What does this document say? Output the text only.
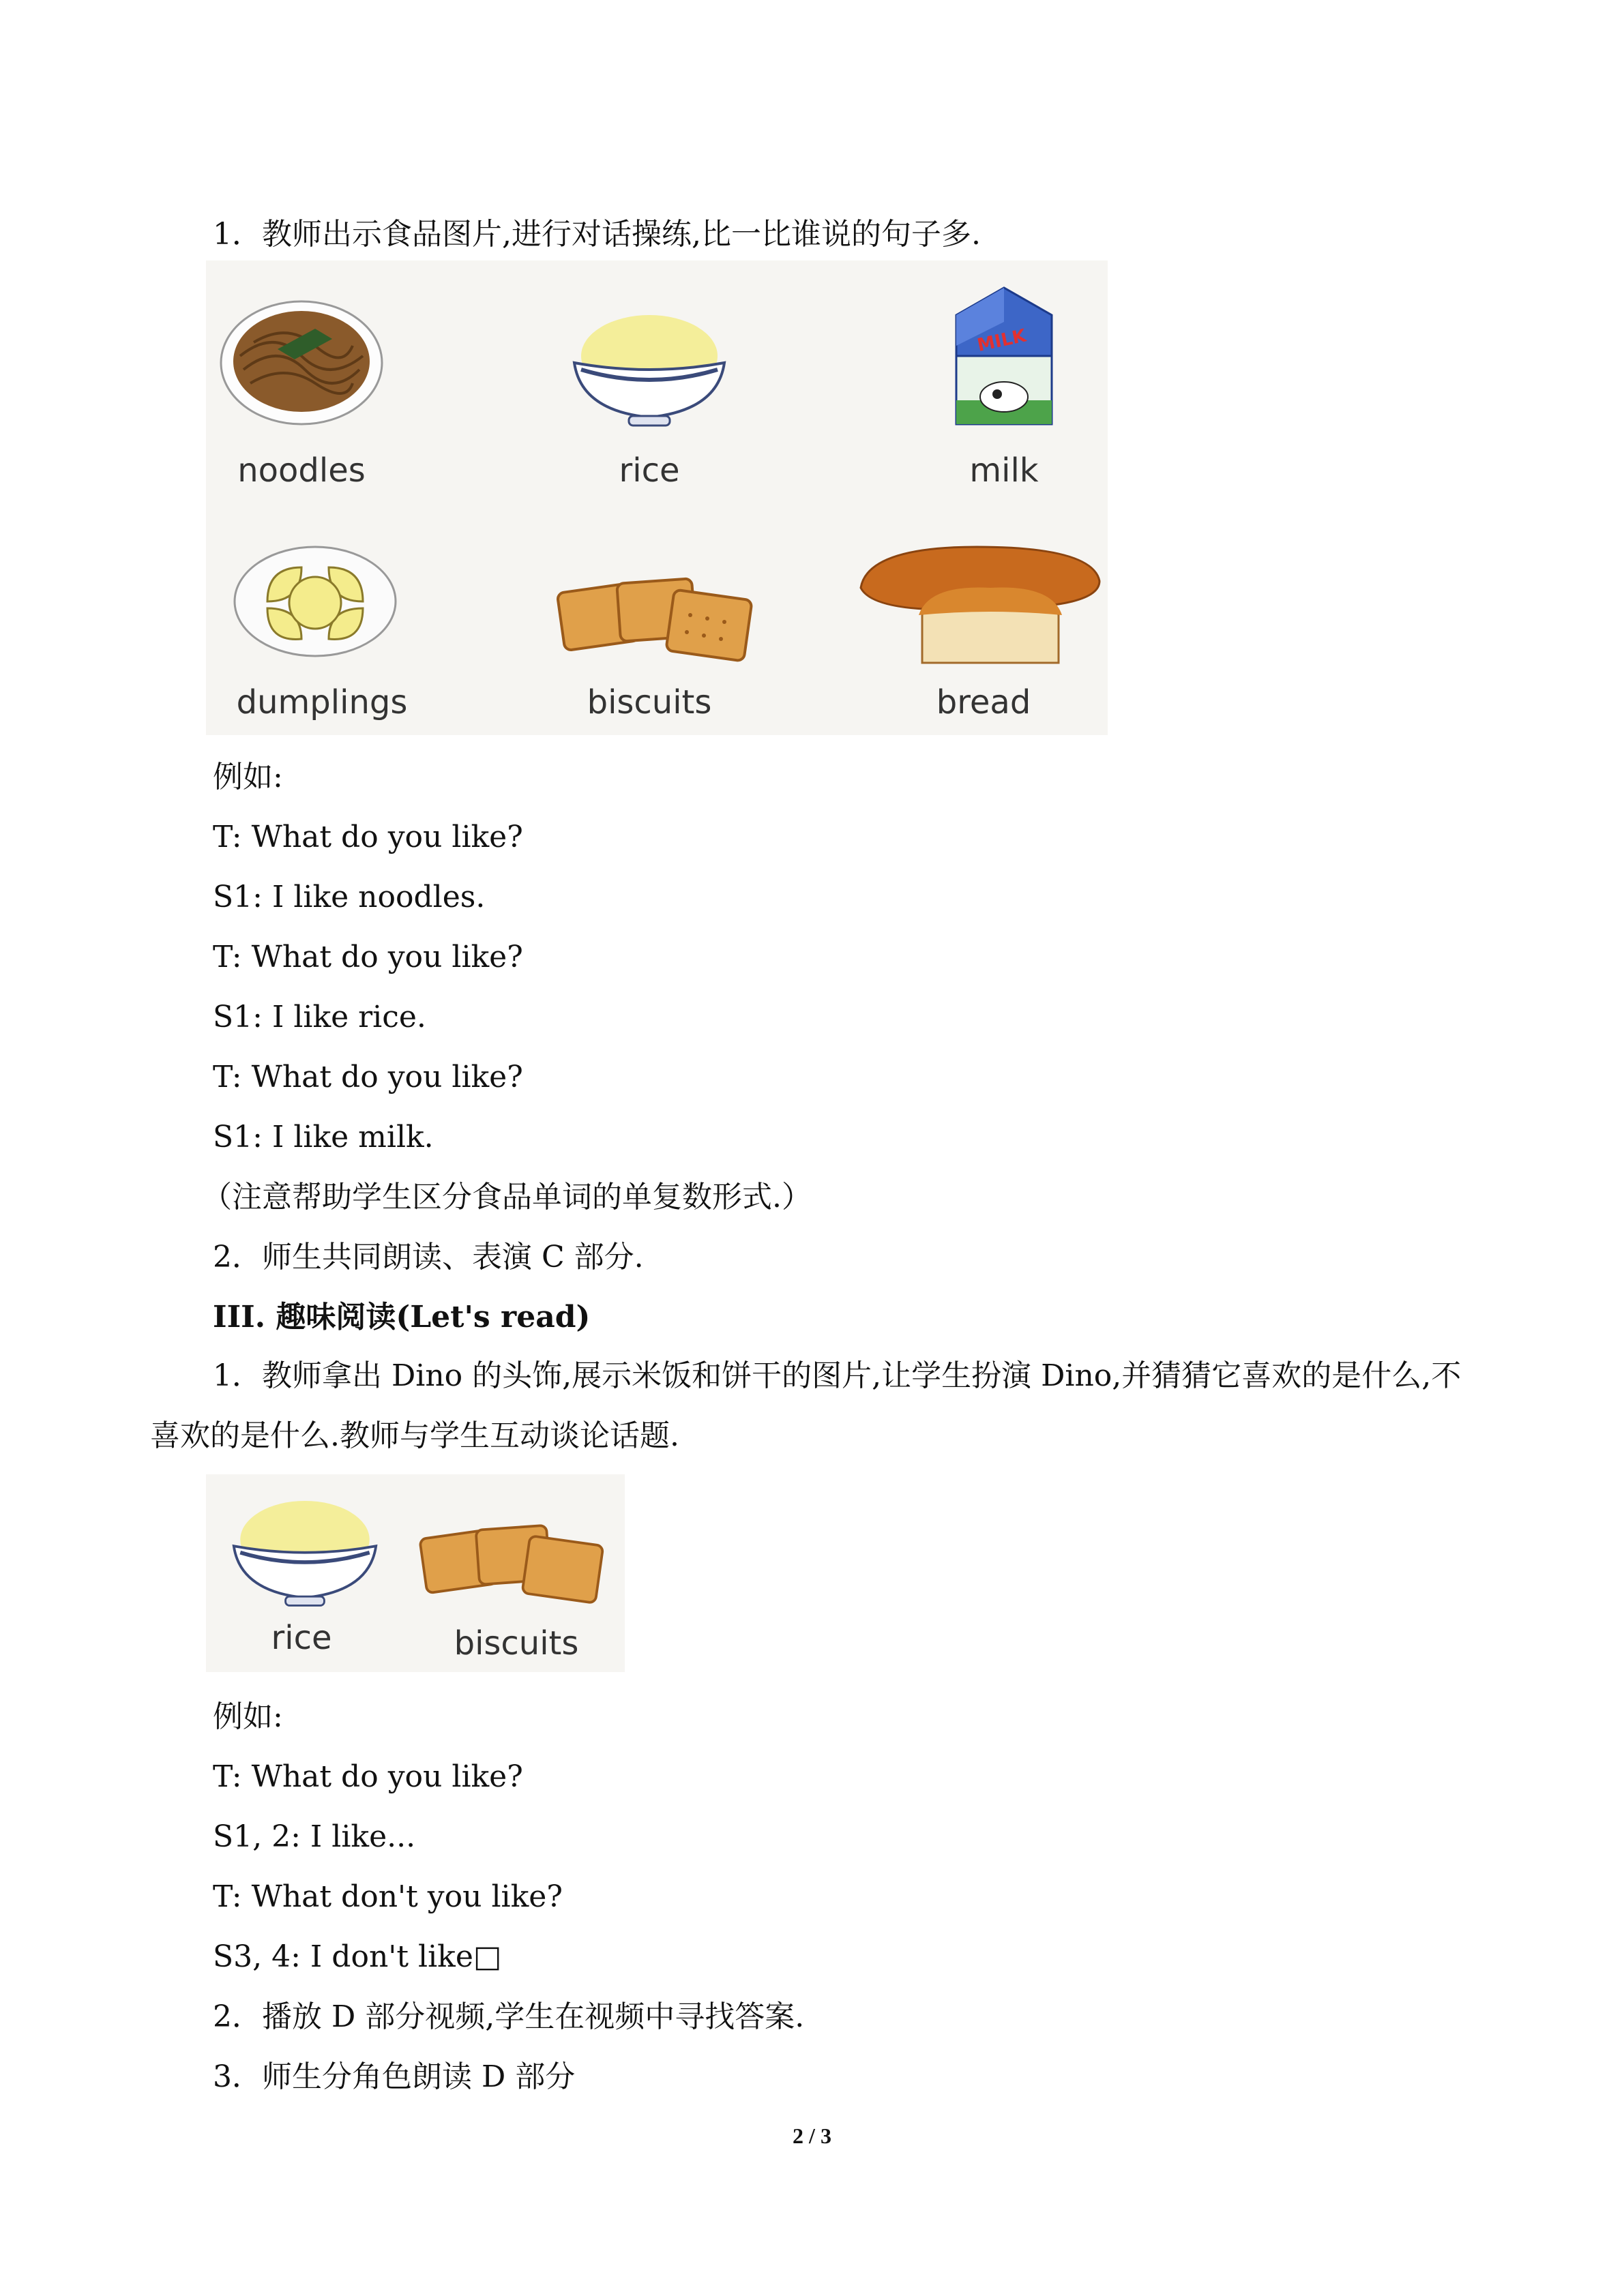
1．教师出示食品图片,进行对话操练,比一比谁说的句子多.
noodles	rice
MILK
milk
dumplings	biscuits	bread
例如:
T: What do you like?
S1: I like noodles.
T: What do you like?
S1: I like rice.
T: What do you like?
S1: I like milk.
（注意帮助学生区分食品单词的单复数形式.）
2．师生共同朗读、表演 C 部分.
III. 趣味阅读(Let's read)
1．教师拿出 Dino 的头饰,展示米饭和饼干的图片,让学生扮演 Dino,并猜猜它喜欢的是什么,不喜欢的是什么.教师与学生互动谈论话题.
rice	biscuits
例如:
T: What do you like?
S1, 2: I like...
T: What don't you like?
S3, 4: I don't like□
2．播放 D 部分视频,学生在视频中寻找答案.
3．师生分角色朗读 D 部分
2 / 3
